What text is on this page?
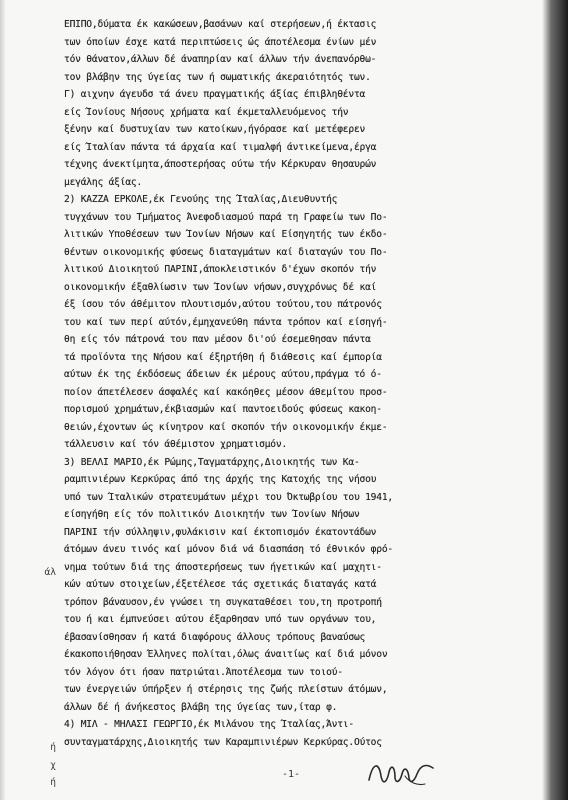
ΕΠΙΠΟ,δύματα έκ κακώσεων,βασάνων καί στερήσεων,ή έκτασις
των όποίων έσχε κατά περιπτώσεις ώς άποτέλεσμα ένίων μέν
τόν θάνατον,άλλων δέ άναπηρίαν καί άλλων τήν άνεπανόρθω-
τον βλάβην της ύγείας των ή σωματικής άκεραιότητός των.
Γ) αιχνην άγευδσ τά άνευ πραγματικής άξίας έπιβληθέντα
είς Ίονίους Νήσους χρήματα καί έκμεταλλευόμενος τήν
ξένην καί δυστυχίαν των κατοίκων,ήγόρασε καί μετέφερεν
είς Ίταλίαν πάντα τά άρχαία καί τιμαλφή άντικείμενα,έργα
τέχνης άνεκτίμητα,άποστερήσας ούτω τήν Κέρκυραν θησαυρών
μεγάλης άξίας.
2) ΚΑΖΖΑ ΕΡΚΟΛΕ,έκ Γενούης της Ίταλίας,Διευθυντής
τυγχάνων του Τμήματος Άνεφοδιασμού παρά τη Γραφείω των Πο-
λιτικών Υποθέσεων των Ίονίων Νήσων καί Είσηγητής των έκδο-
θέντων οικονομικής φύσεως διαταγμάτων καί διαταγών του Πο-
λιτικού Διοικητού ΠΑΡΙΝΙ,άποκλειστικόν δ'έχων σκοπόν τήν
οικονομικήν έξαθλίωσιν των Ίονίων νήσων,συγχρόνως δέ καί
έξ ίσου τόν άθέμιτον πλουτισμόν,αύτου τούτου,του πάτρονός
του καί των περί αύτόν,έμηχανεύθη πάντα τρόπον καί είσηγή-
θη είς τόν πάτρονά του παν μέσον δι'ού έσεμεθησαν πάντα
τά προϊόντα της Νήσου καί έξηρτήθη ή διάθεσις καί έμπορία
αύτων έκ της έκδόσεως άδειων έκ μέρους αύτου,πράγμα τό ό-
ποίον άπετέλεσεν άσφαλές καί κακόηθες μέσον άθεμίτου προσ-
πορισμού χρημάτων,έκβιασμών καί παντοειδούς φύσεως κακοη-
θειών,έχοντων ώς κίνητρον καί σκοπόν τήν οικονομικήν έκμε-
τάλλευσιν καί τόν άθέμιστον χρηματισμόν.
3) ΒΕΛΛΙ ΜΑΡΙΟ,έκ Ρώμης,Ταγματάρχης,Διοικητής των Κα-
ραμπινιέρων Κερκύρας άπό της άρχής της Κατοχής της νήσου
υπό των Ίταλικών στρατευμάτων μέχρι του Όκτωβρίου του 1941,
είσηγήθη είς τόν πολιτικόν Διοικητήν των Ίονίων Νήσων
ΠΑΡΙΝΙ τήν σύλληψιν,φυλάκισιν καί έκτοπισμόν έκατοντάδων
άτόμων άνευ τινός καί μόνον διά νά διασπάση τό έθνικόν φρό-
νημα τούτων διά της άποστερήσεως των ήγετικών καί μαχητι-
κών αύτων στοιχείων,έξετέλεσε τάς σχετικάς διαταγάς κατά
τρόπον βάναυσον,έν γνώσει τη συγκαταθέσει του,τη προτροπή
του ή και έμπνεύσει αύτου έξαρθησαν υπό των οργάνων του,
έβασανίσθησαν ή κατά διαφόρους άλλους τρόπους βαναύσως
έκακοποιήθησαν Έλληνες πολίται,όλως άναιτίως καί διά μόνον
τόν λόγον ότι ήσαν πατριώται.Άποτέλεσμα των τοιού-
των ένεργειών ύπήρξεν ή στέρησις της ζωής πλείστων άτόμων,
άλλων δέ ή άνήκεστος βλάβη της ύγείας των,ίταρ φ.
4) ΜΙΛ - ΜΗΛΑΣΙ ΓΕΩΡΓΙΟ,έκ Μιλάνου της Ίταλίας,Άντι-
συνταγματάρχης,Διοικητής των Καραμπινιέρων Κερκύρας.Ούτος
άλ
ή
χ
ή
-1-
